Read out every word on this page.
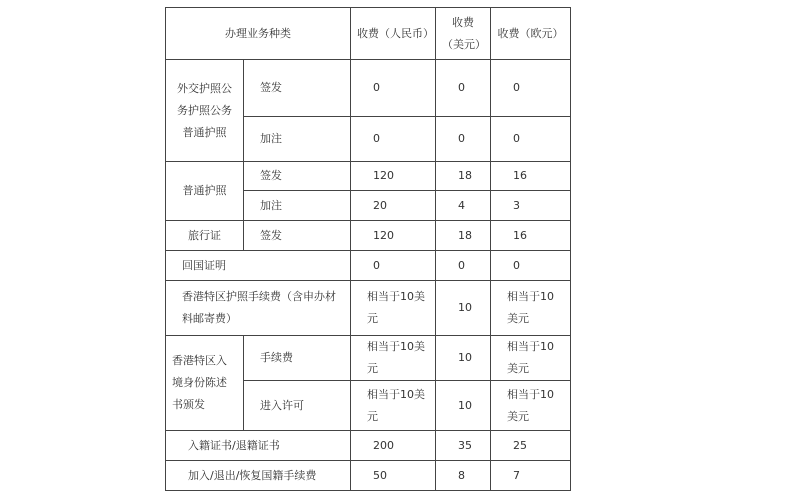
办理业务种类		收费（人民币）	收费（美元）	收费（欧元）
外交护照公务护照公务普通护照	签发	0	0	0
	加注	0	0	0
普通护照	签发	120	18	16
	加注	20	4	3
旅行证	签发	120	18	16
回国证明		0	0	0
香港特区护照手续费（含申办材料邮寄费）		相当于10美元	10	相当于10美元
香港特区入境身份陈述书颁发	手续费	相当于10美元	10	相当于10美元
	进入许可	相当于10美元	10	相当于10美元
入籍证书/退籍证书		200	35	25
加入/退出/恢复国籍手续费		50	8	7
